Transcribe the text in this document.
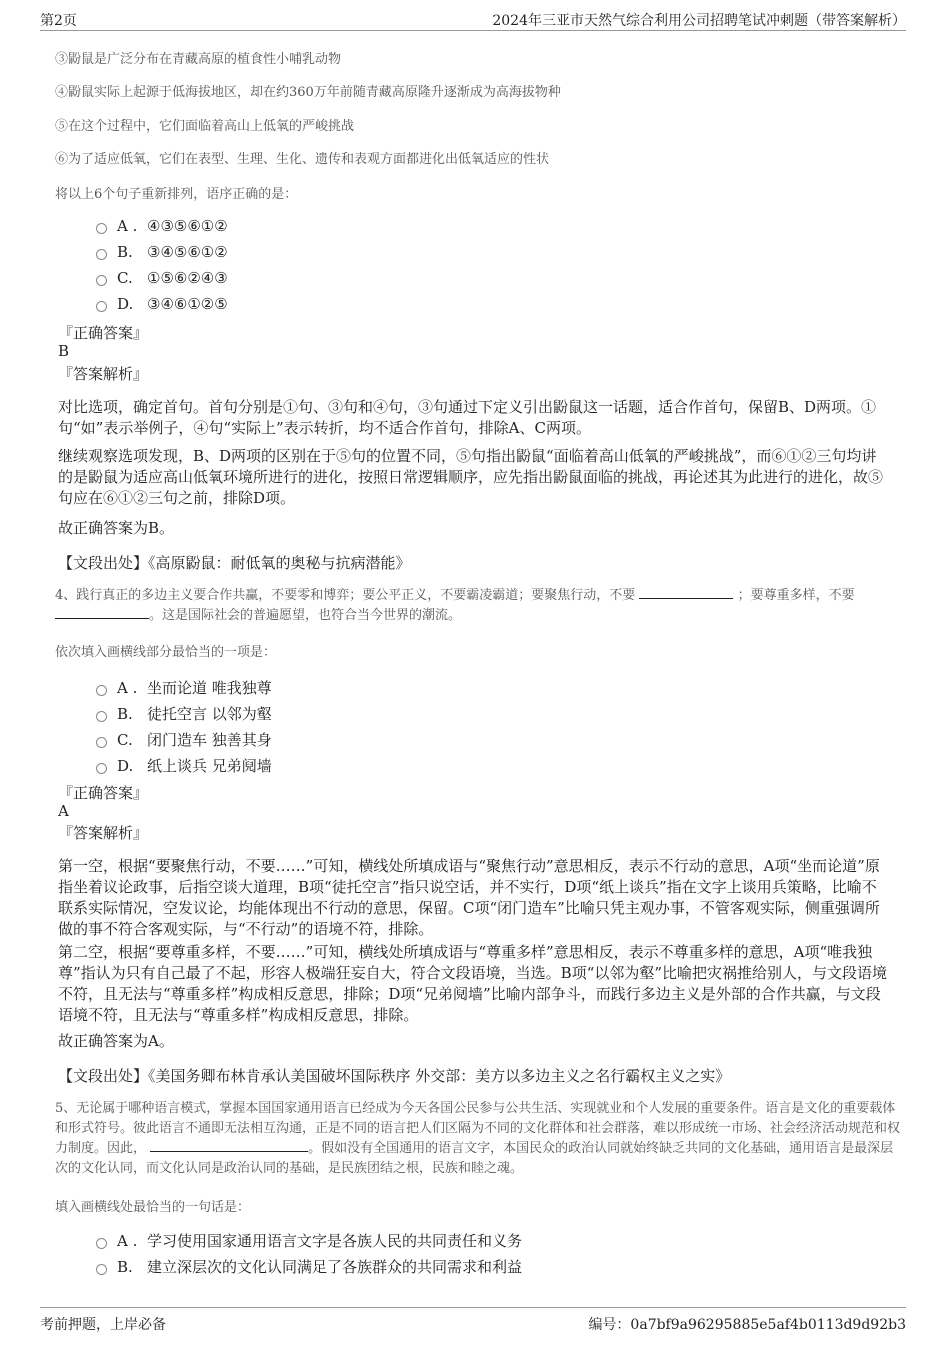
第2页	2024年三亚市天然气综合利用公司招聘笔试冲刺题（带答案解析）
③鼢鼠是广泛分布在青藏高原的植食性小哺乳动物
④鼢鼠实际上起源于低海拔地区，却在约360万年前随青藏高原隆升逐渐成为高海拔物种
⑤在这个过程中，它们面临着高山上低氧的严峻挑战
⑥为了适应低氧，它们在表型、生理、生化、遗传和表观方面都进化出低氧适应的性状
将以上6个句子重新排列，语序正确的是：
A . ④③⑤⑥①②
B. ③④⑤⑥①②
C. ①⑤⑥②④③
D. ③④⑥①②⑤
『正确答案』
B
『答案解析』
对比选项，确定首句。首句分别是①句、③句和④句，③句通过下定义引出鼢鼠这一话题，适合作首句，保留B、D两项。①句“如”表示举例子，④句“实际上”表示转折，均不适合作首句，排除A、C两项。
继续观察选项发现，B、D两项的区别在于⑤句的位置不同，⑤句指出鼢鼠“面临着高山低氧的严峻挑战”，而⑥①②三句均讲的是鼢鼠为适应高山低氧环境所进行的进化，按照日常逻辑顺序，应先指出鼢鼠面临的挑战，再论述其为此进行的进化，故⑤句应在⑥①②三句之前，排除D项。
故正确答案为B。
【文段出处】《高原鼢鼠：耐低氧的奥秘与抗病潜能》
4、践行真正的多边主义要合作共赢，不要零和博弈；要公平正义，不要霸凌霸道；要聚焦行动，不要	；要尊重多样，不要 。这是国际社会的普遍愿望，也符合当今世界的潮流。
依次填入画横线部分最恰当的一项是：
A . 坐而论道 唯我独尊
B. 徒托空言 以邻为壑
C. 闭门造车 独善其身
D. 纸上谈兵 兄弟阋墙
『正确答案』
A
『答案解析』
第一空，根据“要聚焦行动，不要……”可知，横线处所填成语与“聚焦行动”意思相反，表示不行动的意思，A项“坐而论道”原指坐着议论政事，后指空谈大道理，B项“徒托空言”指只说空话，并不实行，D项“纸上谈兵”指在文字上谈用兵策略，比喻不联系实际情况，空发议论，均能体现出不行动的意思，保留。C项“闭门造车”比喻只凭主观办事，不管客观实际，侧重强调所做的事不符合客观实际，与“不行动”的语境不符，排除。
第二空，根据“要尊重多样，不要……”可知，横线处所填成语与“尊重多样”意思相反，表示不尊重多样的意思，A项“唯我独尊”指认为只有自己最了不起，形容人极端狂妄自大，符合文段语境，当选。B项“以邻为壑”比喻把灾祸推给别人，与文段语境不符，且无法与“尊重多样”构成相反意思，排除；D项“兄弟阋墙”比喻内部争斗，而践行多边主义是外部的合作共赢，与文段语境不符，且无法与“尊重多样”构成相反意思，排除。
故正确答案为A。
【文段出处】《美国务卿布林肯承认美国破坏国际秩序 外交部：美方以多边主义之名行霸权主义之实》
5、无论属于哪种语言模式，掌握本国国家通用语言已经成为今天各国公民参与公共生活、实现就业和个人发展的重要条件。语言是文化的重要载体和形式符号。彼此语言不通即无法相互沟通，正是不同的语言把人们区隔为不同的文化群体和社会群落，难以形成统一市场、社会经济活动规范和权力制度。因此，	。假如没有全国通用的语言文字，本国民众的政治认同就始终缺乏共同的文化基础，通用语言是最深层次的文化认同，而文化认同是政治认同的基础，是民族团结之根，民族和睦之魂。
填入画横线处最恰当的一句话是：
A . 学习使用国家通用语言文字是各族人民的共同责任和义务
B. 建立深层次的文化认同满足了各族群众的共同需求和利益
考前押题，上岸必备	编号：0a7bf9a96295885e5af4b0113d9d92b3
